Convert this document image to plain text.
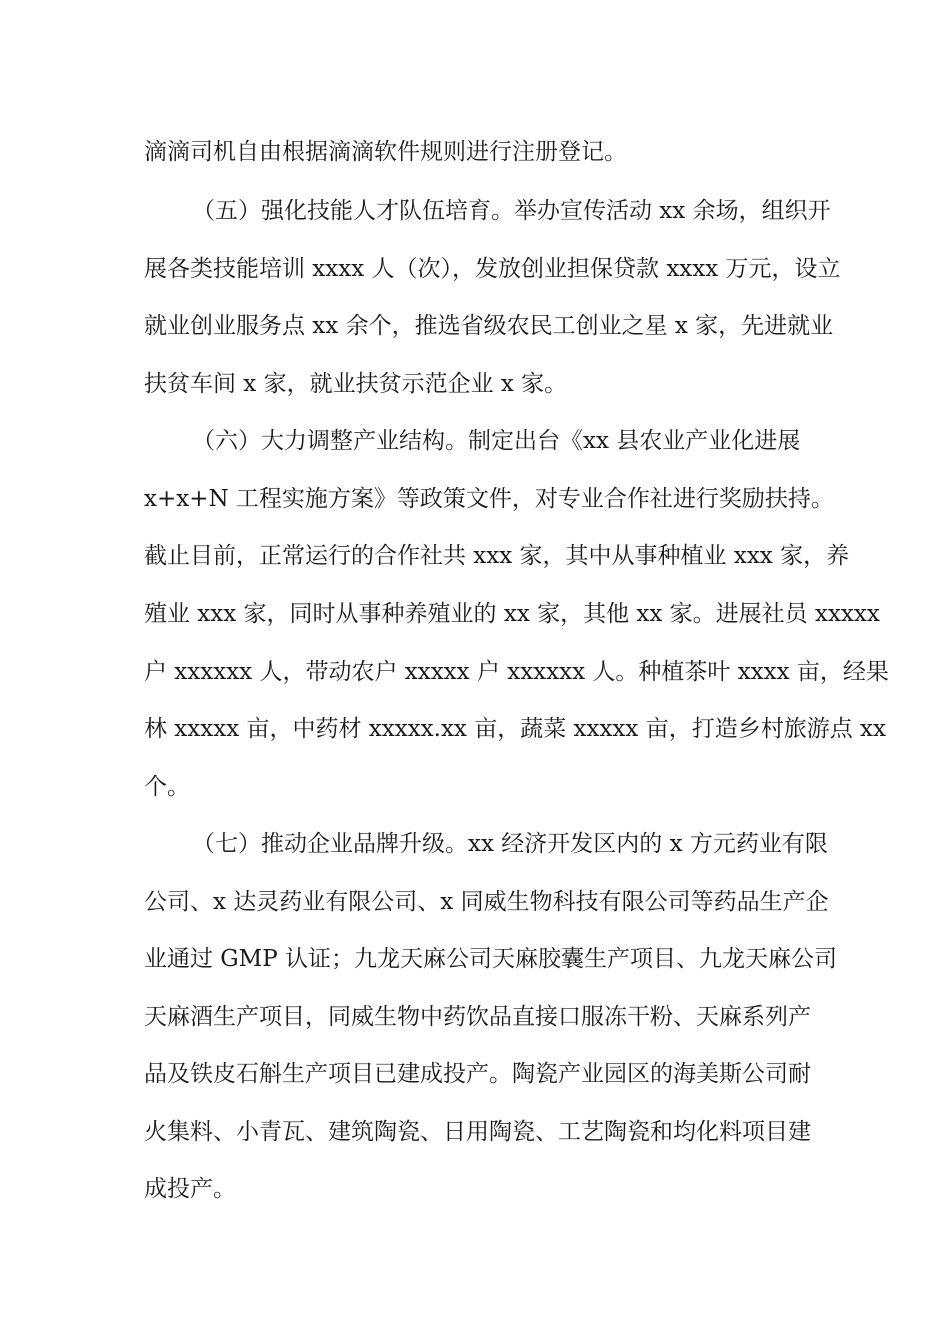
滴滴司机自由根据滴滴软件规则进行注册登记。
（五）强化技能人才队伍培育。举办宣传活动 xx 余场，组织开
展各类技能培训 xxxx 人（次），发放创业担保贷款 xxxx 万元，设立
就业创业服务点 xx 余个，推选省级农民工创业之星 x 家，先进就业
扶贫车间 x 家，就业扶贫示范企业 x 家。
（六）大力调整产业结构。制定出台《xx 县农业产业化进展
x+x+N 工程实施方案》等政策文件，对专业合作社进行奖励扶持。
截止目前，正常运行的合作社共 xxx 家，其中从事种植业 xxx 家，养
殖业 xxx 家，同时从事种养殖业的 xx 家，其他 xx 家。进展社员 xxxxx
户 xxxxxx 人，带动农户 xxxxx 户 xxxxxx 人。种植茶叶 xxxx 亩，经果
林 xxxxx 亩，中药材 xxxxx.xx 亩，蔬菜 xxxxx 亩，打造乡村旅游点 xx
个。
（七）推动企业品牌升级。xx 经济开发区内的 x 方元药业有限
公司、x 达灵药业有限公司、x 同威生物科技有限公司等药品生产企
业通过 GMP 认证；九龙天麻公司天麻胶囊生产项目、九龙天麻公司
天麻酒生产项目，同威生物中药饮品直接口服冻干粉、天麻系列产
品及铁皮石斛生产项目已建成投产。陶瓷产业园区的海美斯公司耐
火集料、小青瓦、建筑陶瓷、日用陶瓷、工艺陶瓷和均化料项目建
成投产。
